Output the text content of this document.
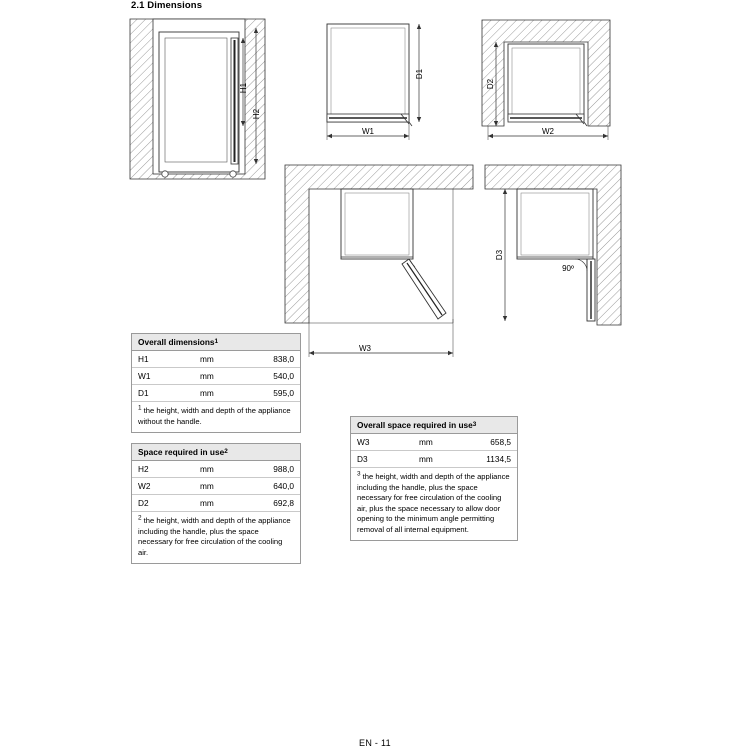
2.1 Dimensions
H1
H2
D1
W1
D2
W2
W3
90º
D3
Overall dimensions 1
H1	mm	838,0
W1	mm	540,0
D1	mm	595,0
$^1$ the height, width and depth of the appliance without the handle.
Space required in use 2
H2	mm	988,0
W2	mm	640,0
D2	mm	692,8
$^2$ the height, width and depth of the appliance including the handle, plus the space necessary for free circulation of the cooling air.
Overall space required in use 3
W3	mm	658,5
D3	mm	1134,5
$^3$ the height, width and depth of the appliance including the handle, plus the space necessary for free circulation of the cooling air, plus the space necessary to allow door opening to the minimum angle permitting removal of all internal equipment.
EN - 11
